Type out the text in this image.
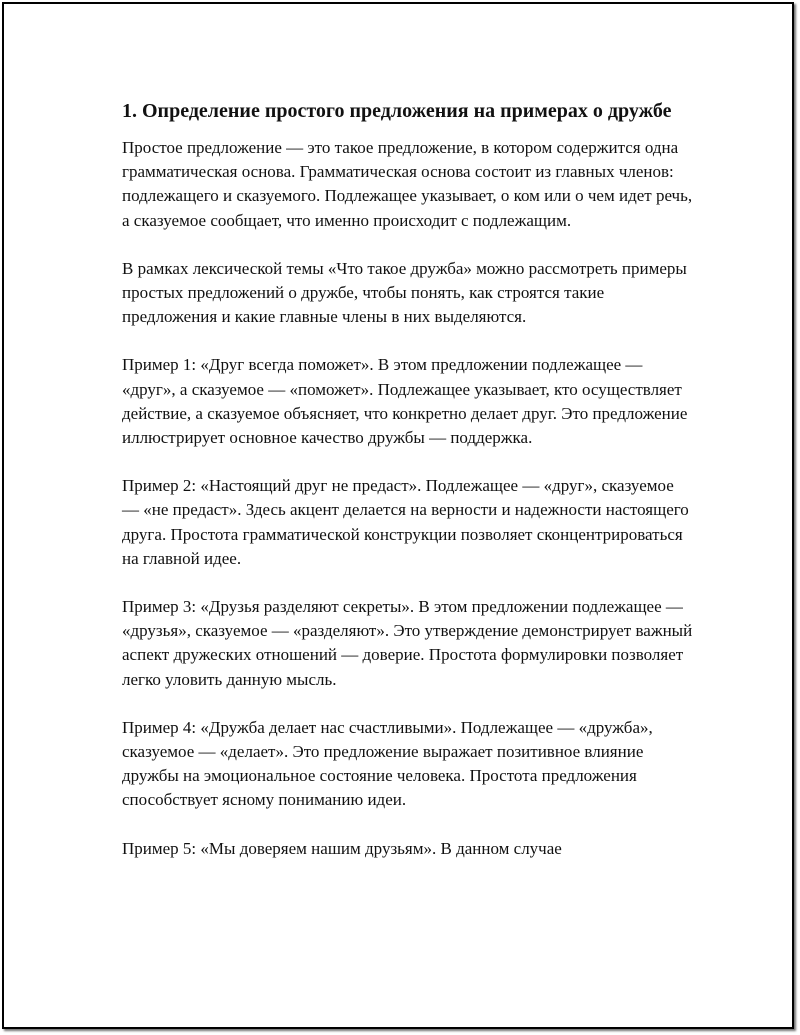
1. Определение простого предложения на примерах о дружбе

Простое предложение — это такое предложение, в котором содержится одна грамматическая основа. Грамматическая основа состоит из главных членов: подлежащего и сказуемого. Подлежащее указывает, о ком или о чем идет речь, а сказуемое сообщает, что именно происходит с подлежащим.

В рамках лексической темы «Что такое дружба» можно рассмотреть примеры простых предложений о дружбе, чтобы понять, как строятся такие предложения и какие главные члены в них выделяются.

Пример 1: «Друг всегда поможет». В этом предложении подлежащее — «друг», а сказуемое — «поможет». Подлежащее указывает, кто осуществляет действие, а сказуемое объясняет, что конкретно делает друг. Это предложение иллюстрирует основное качество дружбы — поддержка.

Пример 2: «Настоящий друг не предаст». Подлежащее — «друг», сказуемое — «не предаст». Здесь акцент делается на верности и надежности настоящего друга. Простота грамматической конструкции позволяет сконцентрироваться на главной идее.

Пример 3: «Друзья разделяют секреты». В этом предложении подлежащее — «друзья», сказуемое — «разделяют». Это утверждение демонстрирует важный аспект дружеских отношений — доверие. Простота формулировки позволяет легко уловить данную мысль.

Пример 4: «Дружба делает нас счастливыми». Подлежащее — «дружба», сказуемое — «делает». Это предложение выражает позитивное влияние дружбы на эмоциональное состояние человека. Простота предложения способствует ясному пониманию идеи.

Пример 5: «Мы доверяем нашим друзьям». В данном случае
